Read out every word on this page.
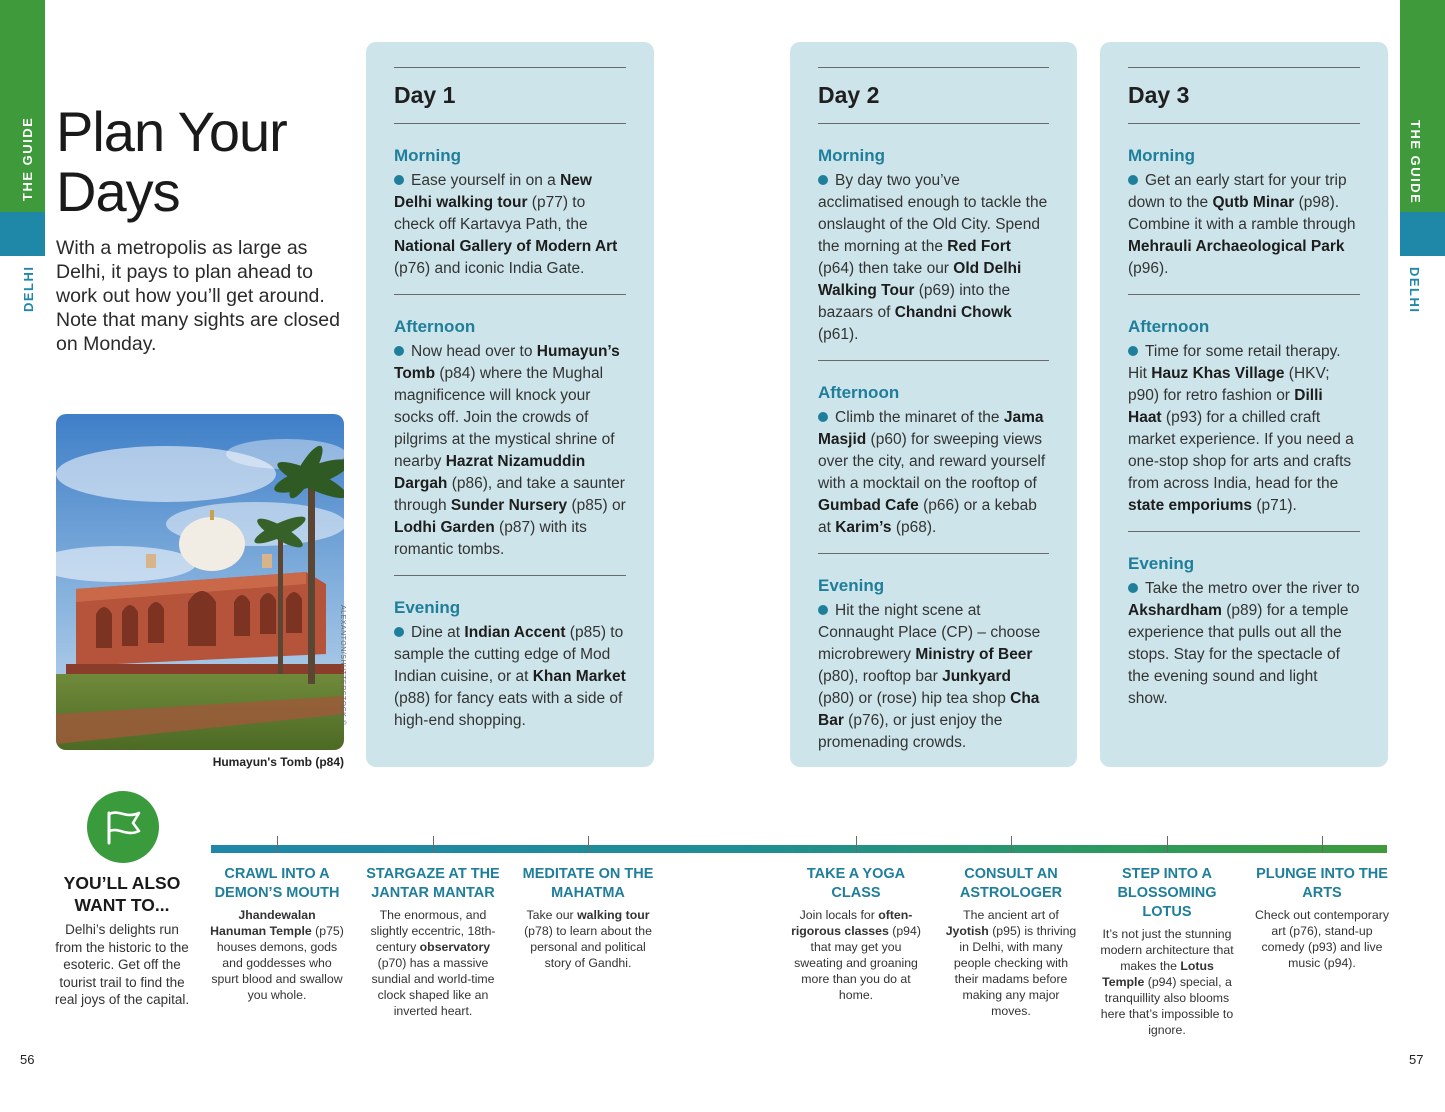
THE GUIDE
DELHI
THE GUIDE
DELHI
Plan Your
Days
With a metropolis as large as Delhi, it pays to plan ahead to work out how you’ll get around. Note that many sights are closed on Monday.
ALEXANTON/SHUTTERSTOCK ©
Humayun's Tomb (p84)
Day 1
Morning

Ease yourself in on a New Delhi walking tour (p77) to check off Kartavya Path, the National Gallery of Modern Art (p76) and iconic India Gate.

Afternoon

Now head over to Humayun’s Tomb (p84) where the Mughal magnificence will knock your socks off. Join the crowds of pilgrims at the mystical shrine of nearby Hazrat Nizamuddin Dargah (p86), and take a saunter through Sunder Nursery (p85) or Lodhi Garden (p87) with its romantic tombs.

Evening

Dine at Indian Accent (p85) to sample the cutting edge of Mod Indian cuisine, or at Khan Market (p88) for fancy eats with a side of high-end shopping.

Day 2
Morning

By day two you’ve acclimatised enough to tackle the onslaught of the Old City. Spend the morning at the Red Fort (p64) then take our Old Delhi Walking Tour (p69) into the bazaars of Chandni Chowk (p61).

Afternoon

Climb the minaret of the Jama Masjid (p60) for sweeping views over the city, and reward yourself with a mocktail on the rooftop of Gumbad Cafe (p66) or a kebab at Karim’s (p68).

Evening

Hit the night scene at Connaught Place (CP) – choose microbrewery Ministry of Beer (p80), rooftop bar Junkyard (p80) or (rose) hip tea shop Cha Bar (p76), or just enjoy the promenading crowds.

Day 3
Morning

Get an early start for your trip down to the Qutb Minar (p98). Combine it with a ramble through Mehrauli Archaeological Park (p96).

Afternoon

Time for some retail therapy. Hit Hauz Khas Village (HKV; p90) for retro fashion or Dilli Haat (p93) for a chilled craft market experience. If you need a one-stop shop for arts and crafts from across India, head for the state emporiums (p71).

Evening

Take the metro over the river to Akshardham (p89) for a temple experience that pulls out all the stops. Stay for the spectacle of the evening sound and light show.

YOU’LL ALSO WANT TO...
Delhi’s delights run from the historic to the esoteric. Get off the tourist trail to find the real joys of the capital.
CRAWL INTO A DEMON’S MOUTH

Jhandewalan Hanuman Temple (p75) houses demons, gods and goddesses who spurt blood and swallow you whole.

STARGAZE AT THE JANTAR MANTAR

The enormous, and slightly eccentric, 18th-century observatory (p70) has a massive sundial and world-time clock shaped like an inverted heart.

MEDITATE ON THE MAHATMA

Take our walking tour (p78) to learn about the personal and political story of Gandhi.

TAKE A YOGA CLASS

Join locals for often-rigorous classes (p94) that may get you sweating and groaning more than you do at home.

CONSULT AN ASTROLOGER

The ancient art of Jyotish (p95) is thriving in Delhi, with many people checking with their madams before making any major moves.

STEP INTO A BLOSSOMING LOTUS

It’s not just the stunning modern architecture that makes the Lotus Temple (p94) special, a tranquillity also blooms here that’s impossible to ignore.

PLUNGE INTO THE ARTS

Check out contemporary art (p76), stand-up comedy (p93) and live music (p94).

56	57
